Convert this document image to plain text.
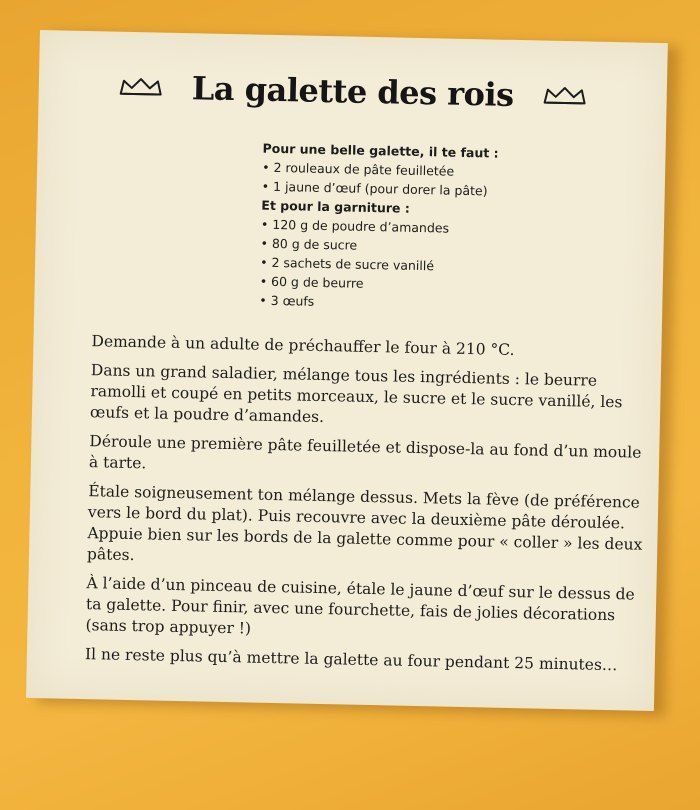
La galette des rois
Pour une belle galette, il te faut :
• 2 rouleaux de pâte feuilletée
• 1 jaune d’œuf (pour dorer la pâte)
Et pour la garniture :
• 120 g de poudre d’amandes
• 80 g de sucre
• 2 sachets de sucre vanillé
• 60 g de beurre
• 3 œufs

Demande à un adulte de préchauffer le four à 210 °C.

Dans un grand saladier, mélange tous les ingrédients : le beurre ramolli et coupé en petits morceaux, le sucre et le sucre vanillé, les œufs et la poudre d’amandes.

Déroule une première pâte feuilletée et dispose-la au fond d’un moule à tarte.

Étale soigneusement ton mélange dessus. Mets la fève (de préférence vers le bord du plat). Puis recouvre avec la deuxième pâte déroulée. Appuie bien sur les bords de la galette comme pour « coller » les deux pâtes.

À l’aide d’un pinceau de cuisine, étale le jaune d’œuf sur le dessus de ta galette. Pour finir, avec une fourchette, fais de jolies décorations (sans trop appuyer !)

Il ne reste plus qu’à mettre la galette au four pendant 25 minutes…
